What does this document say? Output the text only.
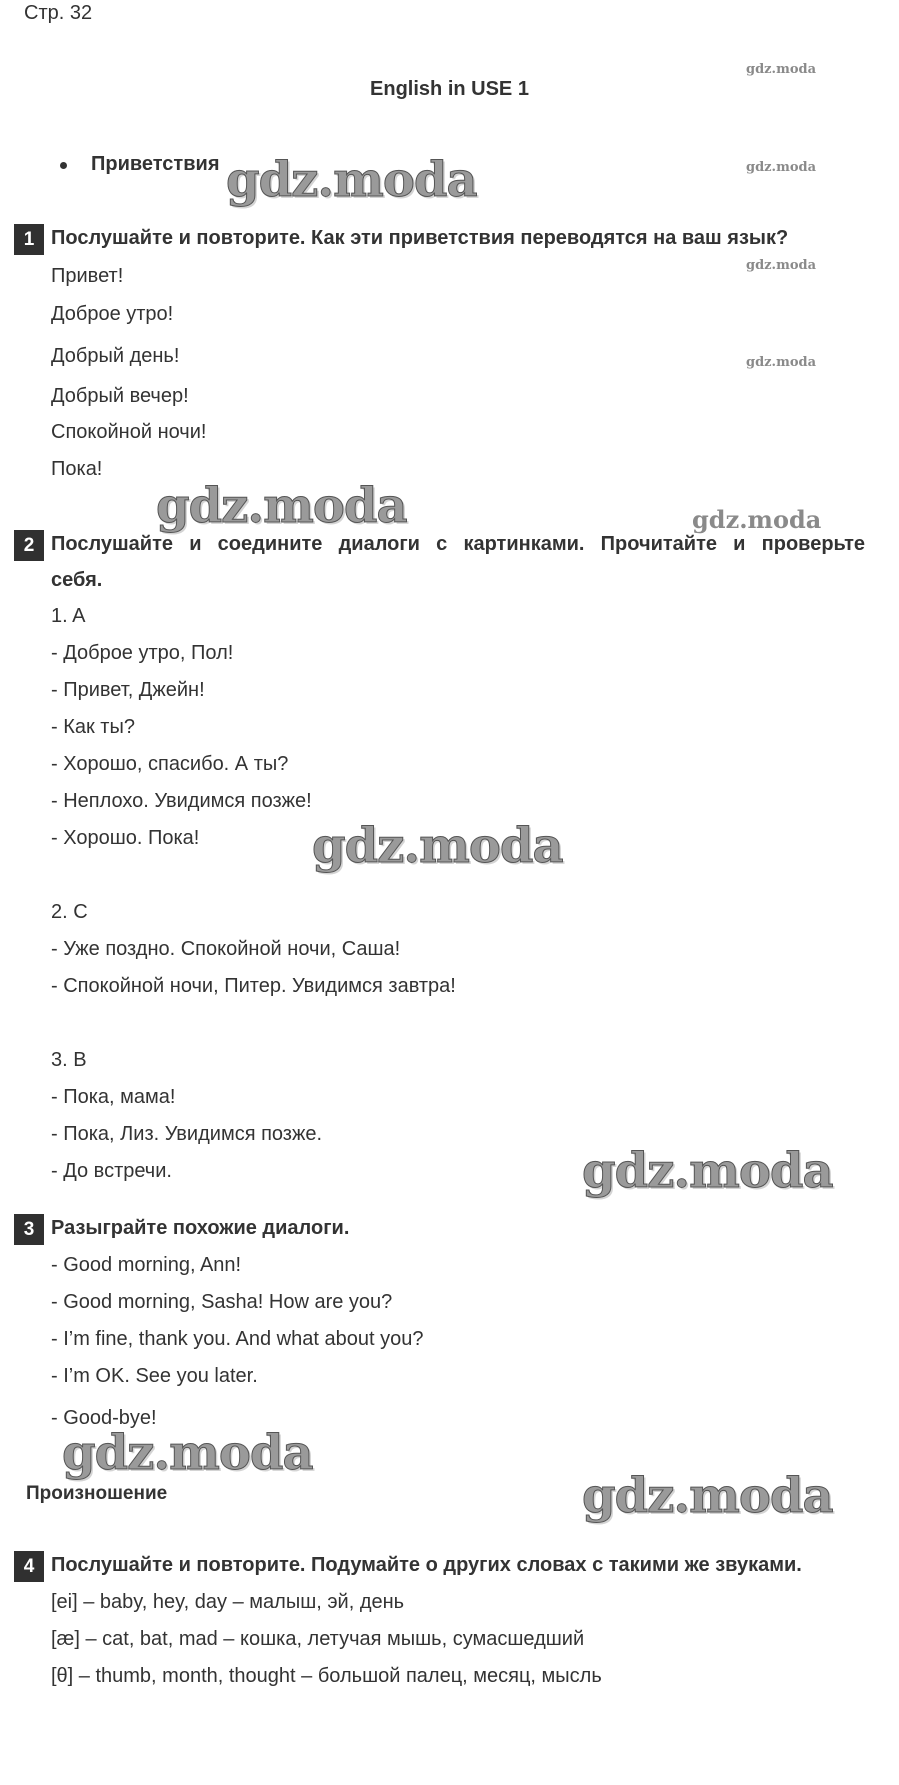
Стр. 32
English in USE 1
Приветствия
1 Послушайте и повторите. Как эти приветствия переводятся на ваш язык?
Привет!
Доброе утро!
Добрый день!
Добрый вечер!
Спокойной ночи!
Пока!
2 Послушайте и соедините диалоги с картинками. Прочитайте и проверьте
себя.
1. A
- Доброе утро, Пол!
- Привет, Джейн!
- Как ты?
- Хорошо, спасибо. А ты?
- Неплохо. Увидимся позже!
- Хорошо. Пока!
2. C
- Уже поздно. Спокойной ночи, Саша!
- Спокойной ночи, Питер. Увидимся завтра!
3. B
- Пока, мама!
- Пока, Лиз. Увидимся позже.
- До встречи.
3 Разыграйте похожие диалоги.
- Good morning, Ann!
- Good morning, Sasha! How are you?
- I’m fine, thank you. And what about you?
- I’m OK. See you later.
- Good-bye!
Произношение
4 Послушайте и повторите. Подумайте о других словах с такими же звуками.
[ei] – baby, hey, day – малыш, эй, день
[æ] – cat, bat, mad – кошка, летучая мышь, сумасшедший
[θ] – thumb, month, thought – большой палец, месяц, мысль
gdz.moda
gdz.moda
gdz.moda
gdz.moda
gdz.moda
gdz.moda
gdz.moda
gdz.moda
gdz.moda
gdz.moda
gdz.moda
